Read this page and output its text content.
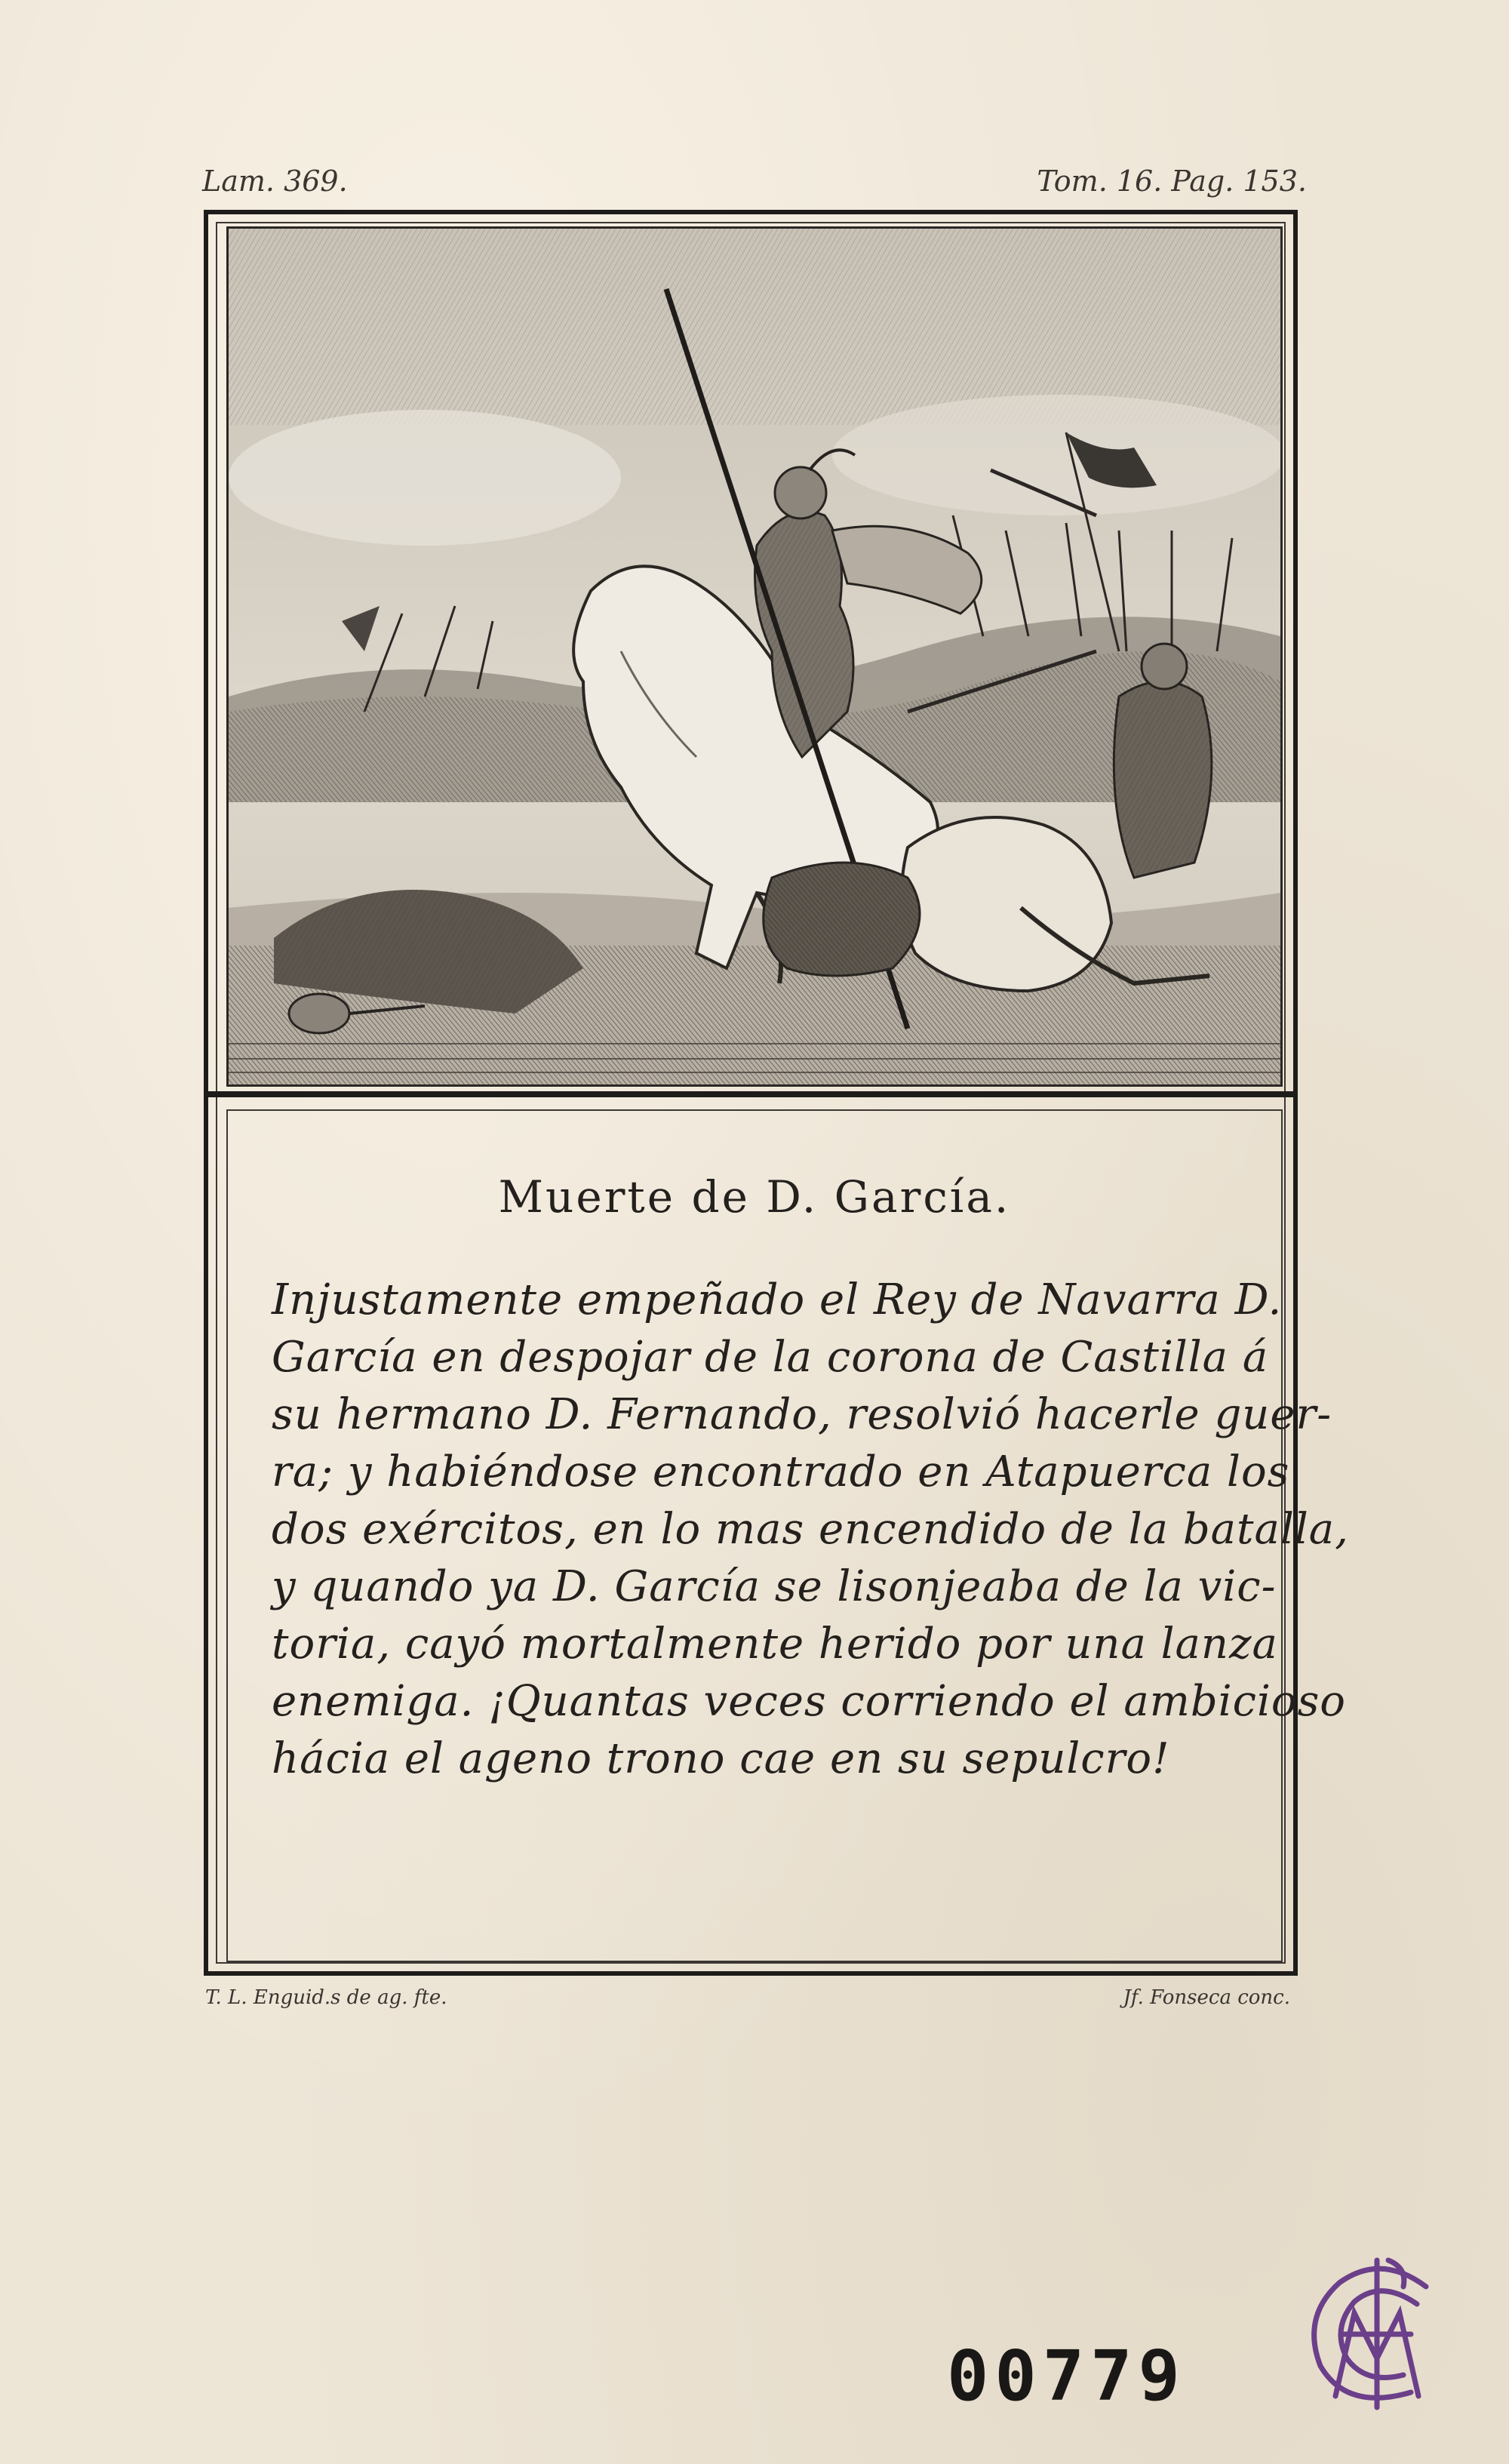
Lam. 369.	Tom. 16. Pag. 153.
Muerte de D. García.
Injustamente empeñado el Rey de Navarra D.
García en despojar de la corona de Castilla á
su hermano D. Fernando, resolvió hacerle guer-
ra; y habiéndose encontrado en Atapuerca los
dos exércitos, en lo mas encendido de la batalla,
y quando ya D. García se lisonjeaba de la vic-
toria, cayó mortalmente herido por una lanza
enemiga. ¡Quantas veces corriendo el ambicioso
hácia el ageno trono cae en su sepulcro!
T. L. Enguid.s de ag. fte.	Jf. Fonseca conc.
00779
